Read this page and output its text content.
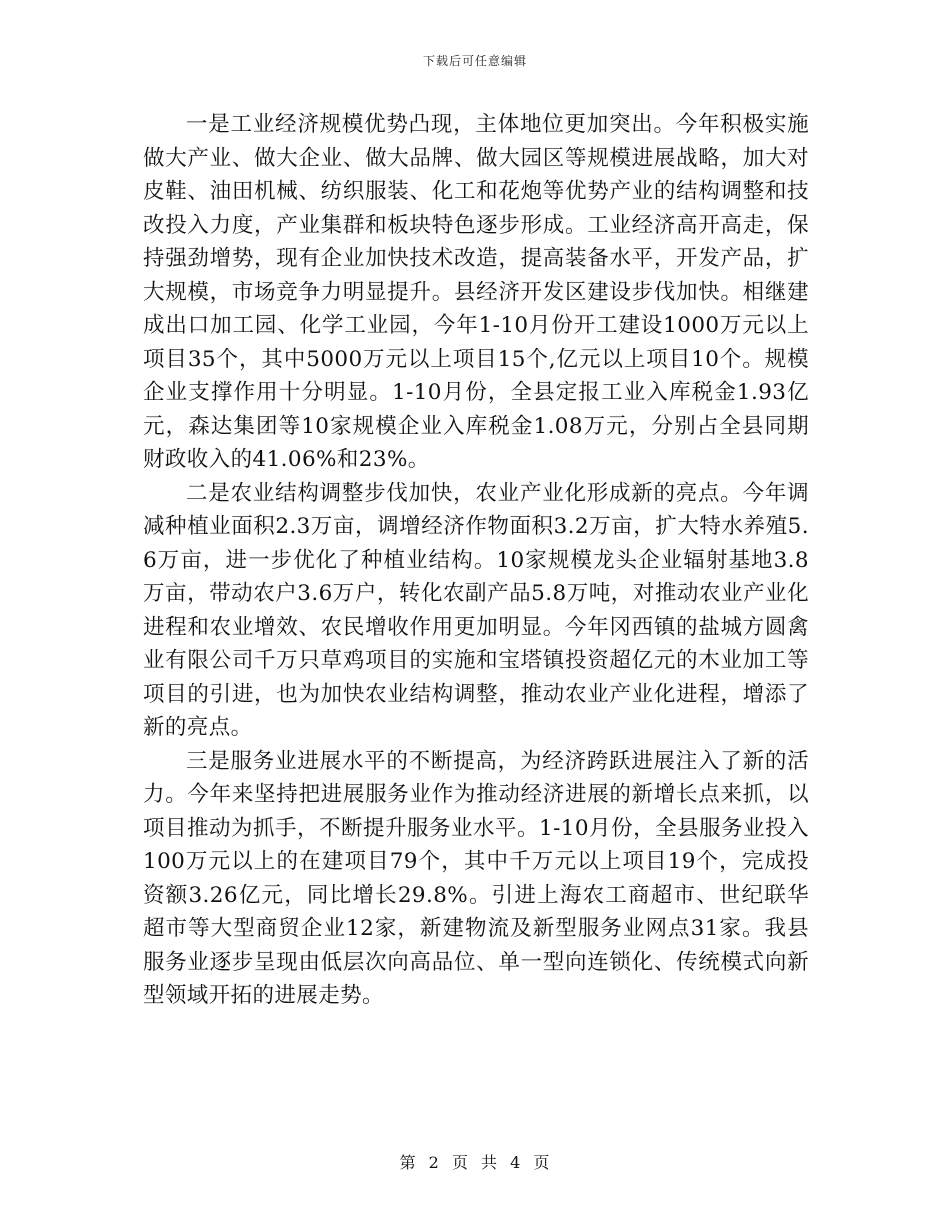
下载后可任意编辑

一是工业经济规模优势凸现，主体地位更加突出。今年积极实施做大产业、做大企业、做大品牌、做大园区等规模进展战略，加大对皮鞋、油田机械、纺织服装、化工和花炮等优势产业的结构调整和技改投入力度，产业集群和板块特色逐步形成。工业经济高开高走，保持强劲增势，现有企业加快技术改造，提高装备水平，开发产品，扩大规模，市场竞争力明显提升。县经济开发区建设步伐加快。相继建成出口加工园、化学工业园，今年1-10月份开工建设1000万元以上项目35个，其中5000万元以上项目15个,亿元以上项目10个。规模企业支撑作用十分明显。1-10月份，全县定报工业入库税金1.93亿元，森达集团等10家规模企业入库税金1.08万元，分别占全县同期财政收入的41.06%和23%。

二是农业结构调整步伐加快，农业产业化形成新的亮点。今年调减种植业面积2.3万亩，调增经济作物面积3.2万亩，扩大特水养殖5.6万亩，进一步优化了种植业结构。10家规模龙头企业辐射基地3.8万亩，带动农户3.6万户，转化农副产品5.8万吨，对推动农业产业化进程和农业增效、农民增收作用更加明显。今年冈西镇的盐城方圆禽业有限公司千万只草鸡项目的实施和宝塔镇投资超亿元的木业加工等项目的引进，也为加快农业结构调整，推动农业产业化进程，增添了新的亮点。

三是服务业进展水平的不断提高，为经济跨跃进展注入了新的活力。今年来坚持把进展服务业作为推动经济进展的新增长点来抓，以项目推动为抓手，不断提升服务业水平。1-10月份，全县服务业投入100万元以上的在建项目79个，其中千万元以上项目19个，完成投资额3.26亿元，同比增长29.8%。引进上海农工商超市、世纪联华超市等大型商贸企业12家，新建物流及新型服务业网点31家。我县服务业逐步呈现由低层次向高品位、单一型向连锁化、传统模式向新型领域开拓的进展走势。

第 2 页 共 4 页
